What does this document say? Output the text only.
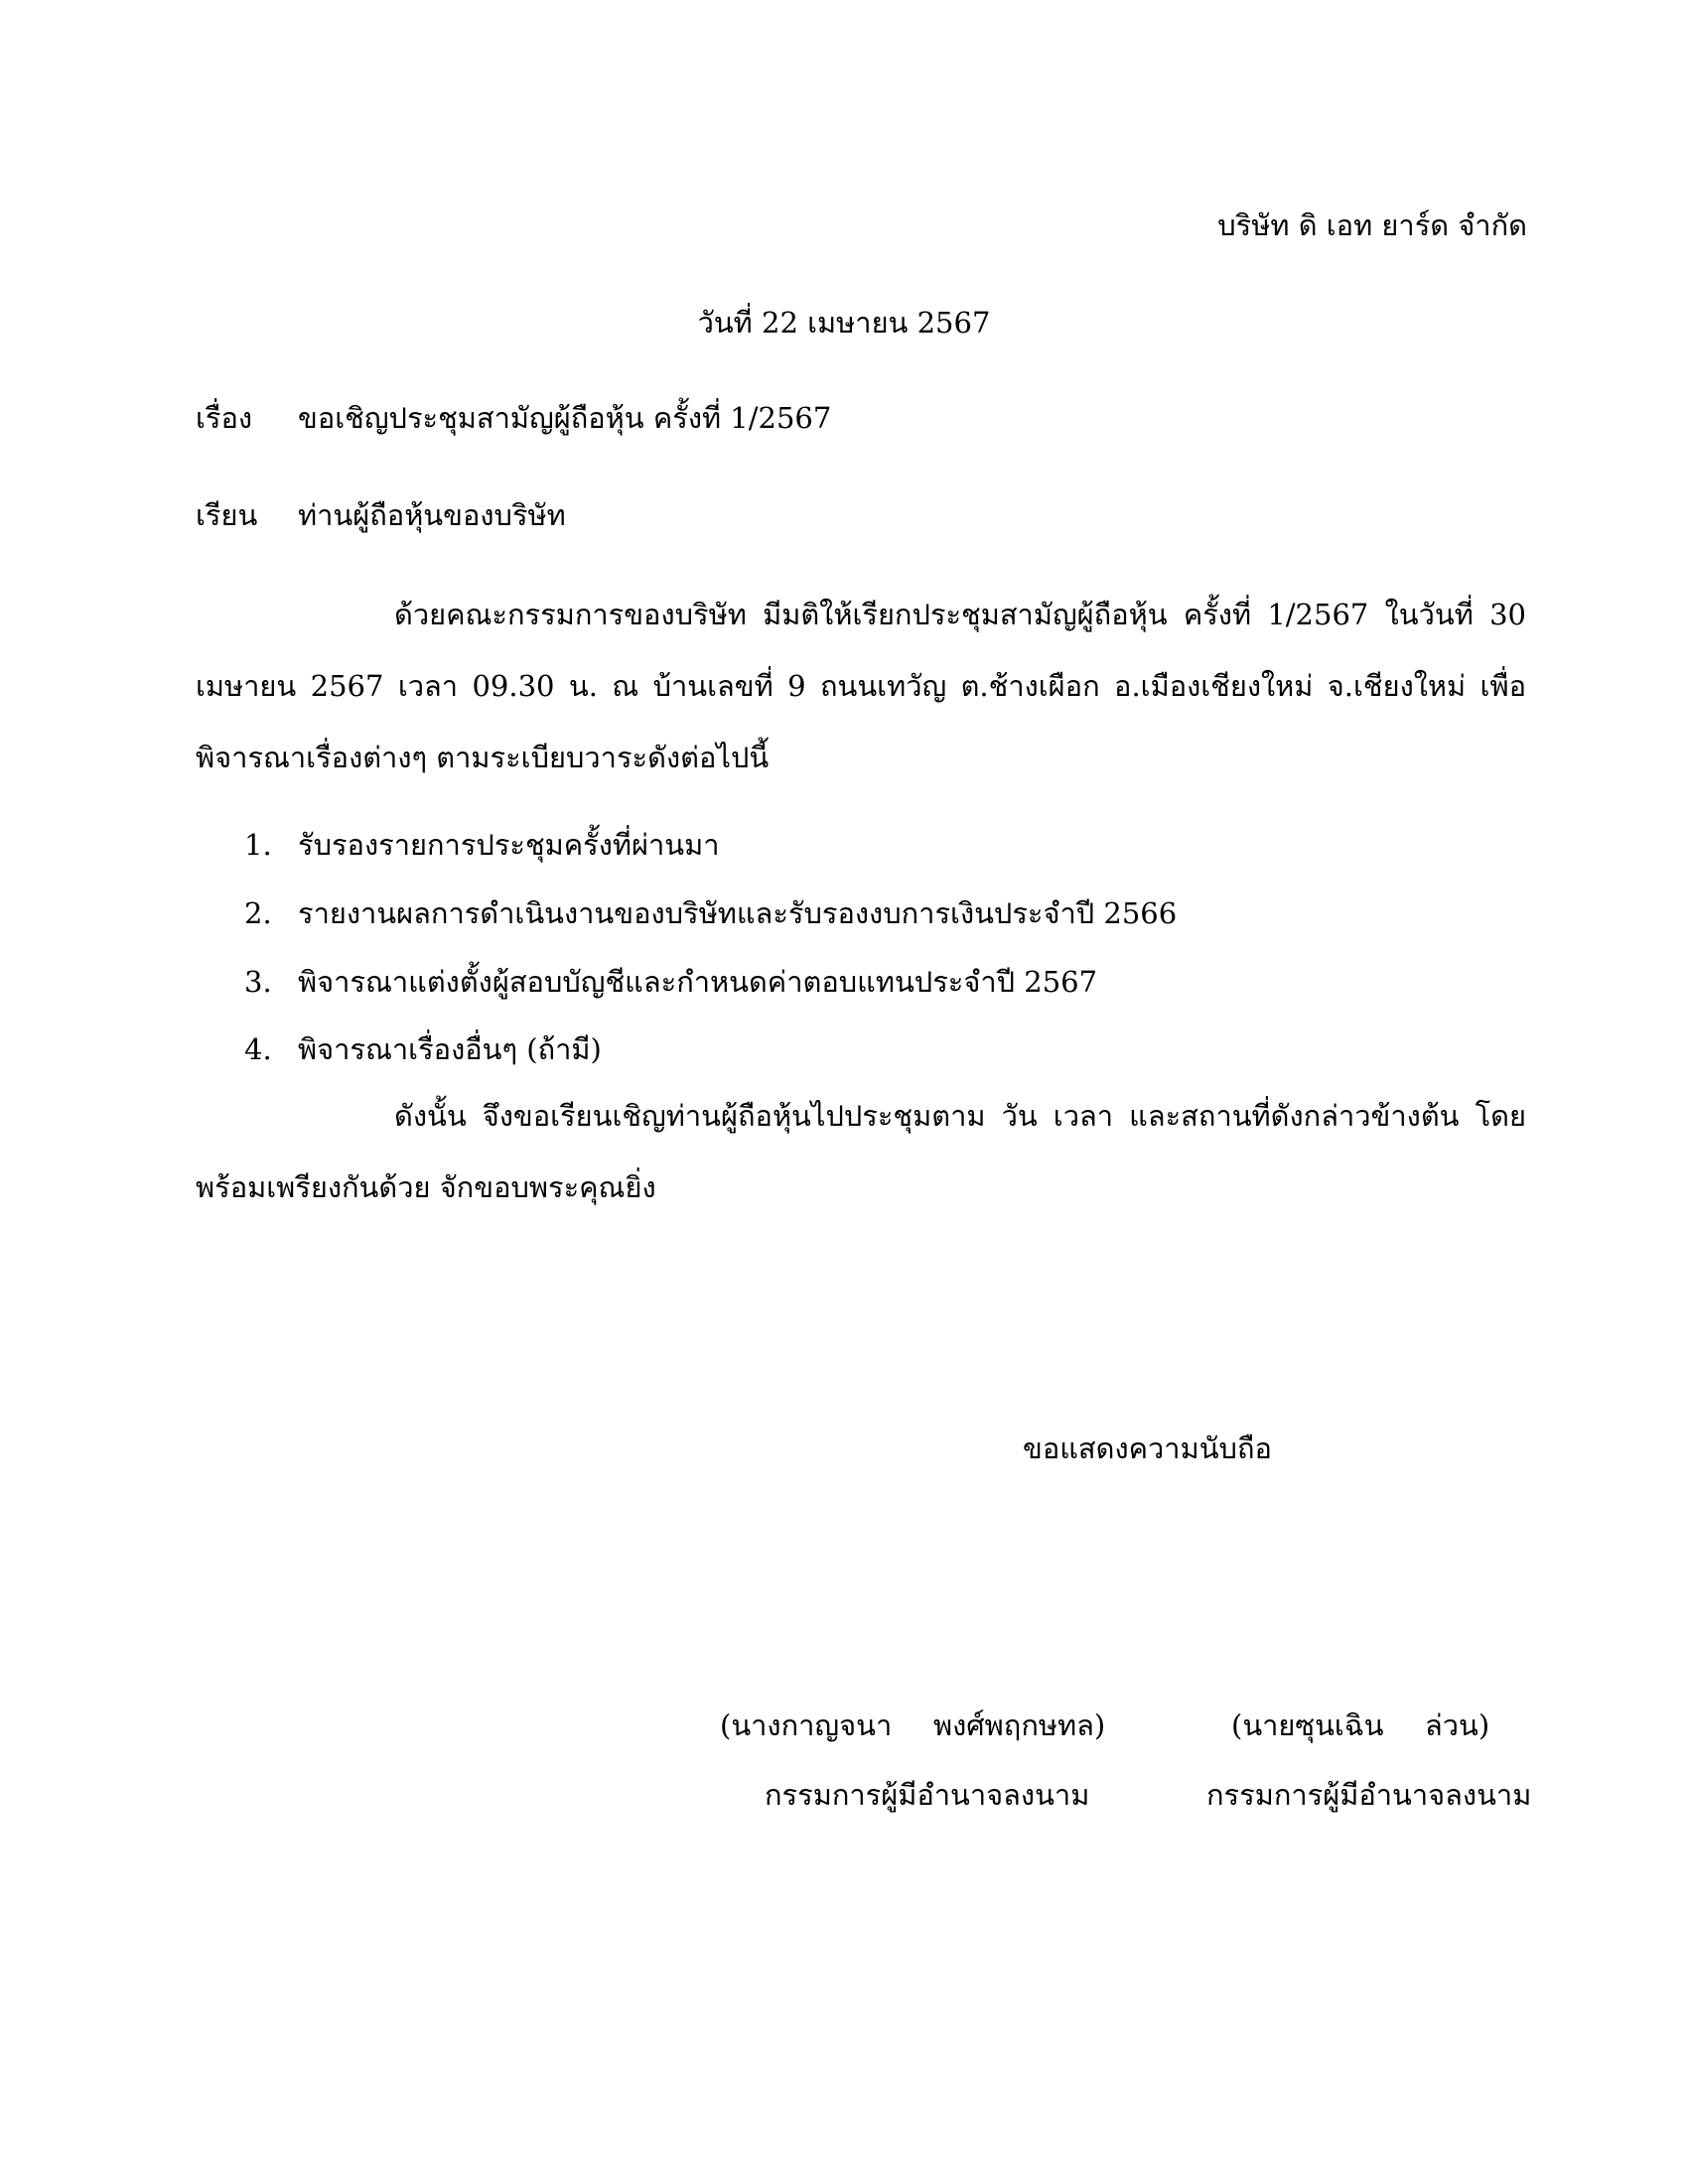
บริษัท ดิ เอท ยาร์ด จำกัด
วันที่ 22 เมษายน 2567
เรื่อง ขอเชิญประชุมสามัญผู้ถือหุ้น ครั้งที่ 1/2567
เรียน ท่านผู้ถือหุ้นของบริษัท
ด้วยคณะกรรมการของบริษัท มีมติให้เรียกประชุมสามัญผู้ถือหุ้น ครั้งที่ 1/2567 ในวันที่ 30 เมษายน 2567 เวลา 09.30 น. ณ บ้านเลขที่ 9 ถนนเทวัญ ต.ช้างเผือก อ.เมืองเชียงใหม่ จ.เชียงใหม่ เพื่อพิจารณาเรื่องต่างๆ ตามระเบียบวาระดังต่อไปนี้
1. รับรองรายการประชุมครั้งที่ผ่านมา
2. รายงานผลการดำเนินงานของบริษัทและรับรองงบการเงินประจำปี 2566
3. พิจารณาแต่งตั้งผู้สอบบัญชีและกำหนดค่าตอบแทนประจำปี 2567
4. พิจารณาเรื่องอื่นๆ (ถ้ามี)
ดังนั้น จึงขอเรียนเชิญท่านผู้ถือหุ้นไปประชุมตาม วัน เวลา และสถานที่ดังกล่าวข้างต้น โดยพร้อมเพรียงกันด้วย จักขอบพระคุณยิ่ง
ขอแสดงความนับถือ
(นางกาญจนา พงศ์พฤกษทล)
กรรมการผู้มีอำนาจลงนาม
(นายซุนเฉิน ล่วน)
กรรมการผู้มีอำนาจลงนาม
